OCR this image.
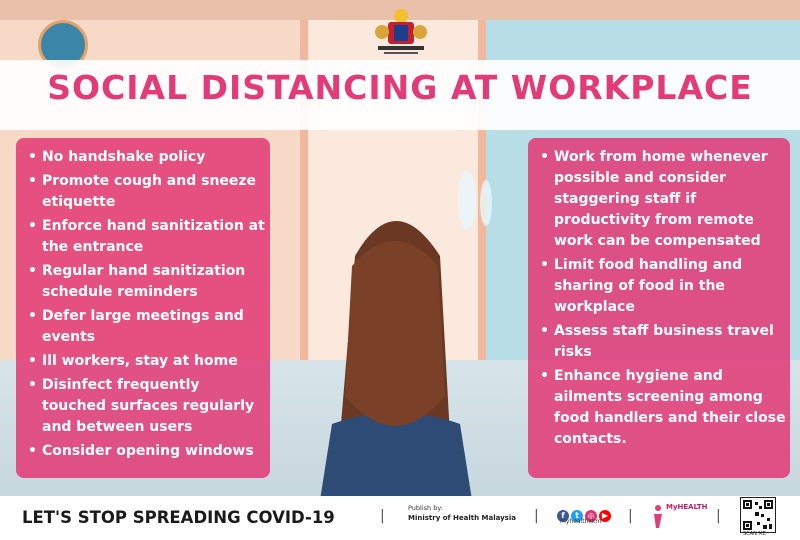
SOCIAL DISTANCING AT WORKPLACE
• No handshake policy
• Promote cough and sneeze etiquette
• Enforce hand sanitization at the entrance
• Regular hand sanitization schedule reminders
• Defer large meetings and events
• Ill workers, stay at home
• Disinfect frequently touched surfaces regularly and between users
• Consider opening windows
• Work from home whenever possible and consider staggering staff if productivity from remote work can be compensated
• Limit food handling and sharing of food in the workplace
• Assess staff business travel risks
• Enhance hygiene and ailments screening among food handlers and their close contacts.
LET'S STOP SPREADING COVID-19	|	Publish by:
Ministry of Health Malaysia |	f t ◎ ▶
myhealthkkm |
MyHEALTH
|
SCAN ME
